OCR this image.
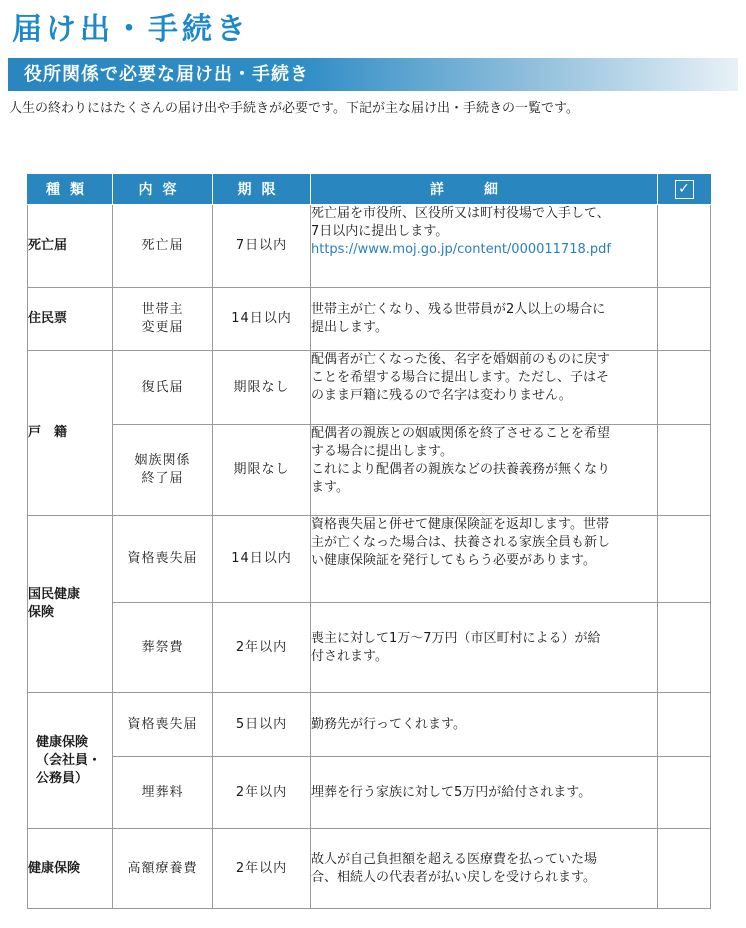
届け出・手続き
役所関係で必要な届け出・手続き

人生の終わりにはたくさんの届け出や手続きが必要です。下記が主な届け出・手続きの一覧です。

種類	内容	期限	詳細	✓
死亡届	死亡届	7日以内	死亡届を市役所、区役所又は町村役場で入手して、
7日以内に提出します。
https://www.moj.go.jp/content/000011718.pdf	

住民票	世帯主
変更届	14日以内	世帯主が亡くなり、残る世帯員が2人以上の場合に
提出します。	

戸　籍	復氏届	期限なし	配偶者が亡くなった後、名字を婚姻前のものに戻す
ことを希望する場合に提出します。ただし、子はそ
のまま戸籍に残るので名字は変わりません。	

	姻族関係
終了届	期限なし	配偶者の親族との姻戚関係を終了させることを希望
する場合に提出します。
これにより配偶者の親族などの扶養義務が無くなり
ます。	

国民健康
保険	資格喪失届	14日以内	資格喪失届と併せて健康保険証を返却します。世帯
主が亡くなった場合は、扶養される家族全員も新し
い健康保険証を発行してもらう必要があります。	

	葬祭費	2年以内	喪主に対して1万〜7万円（市区町村による）が給
付されます。	

健康保険
（会社員・
公務員）	資格喪失届	5日以内	勤務先が行ってくれます。	

	埋葬料	2年以内	埋葬を行う家族に対して5万円が給付されます。	

健康保険	高額療養費	2年以内	故人が自己負担額を超える医療費を払っていた場
合、相続人の代表者が払い戻しを受けられます。	
